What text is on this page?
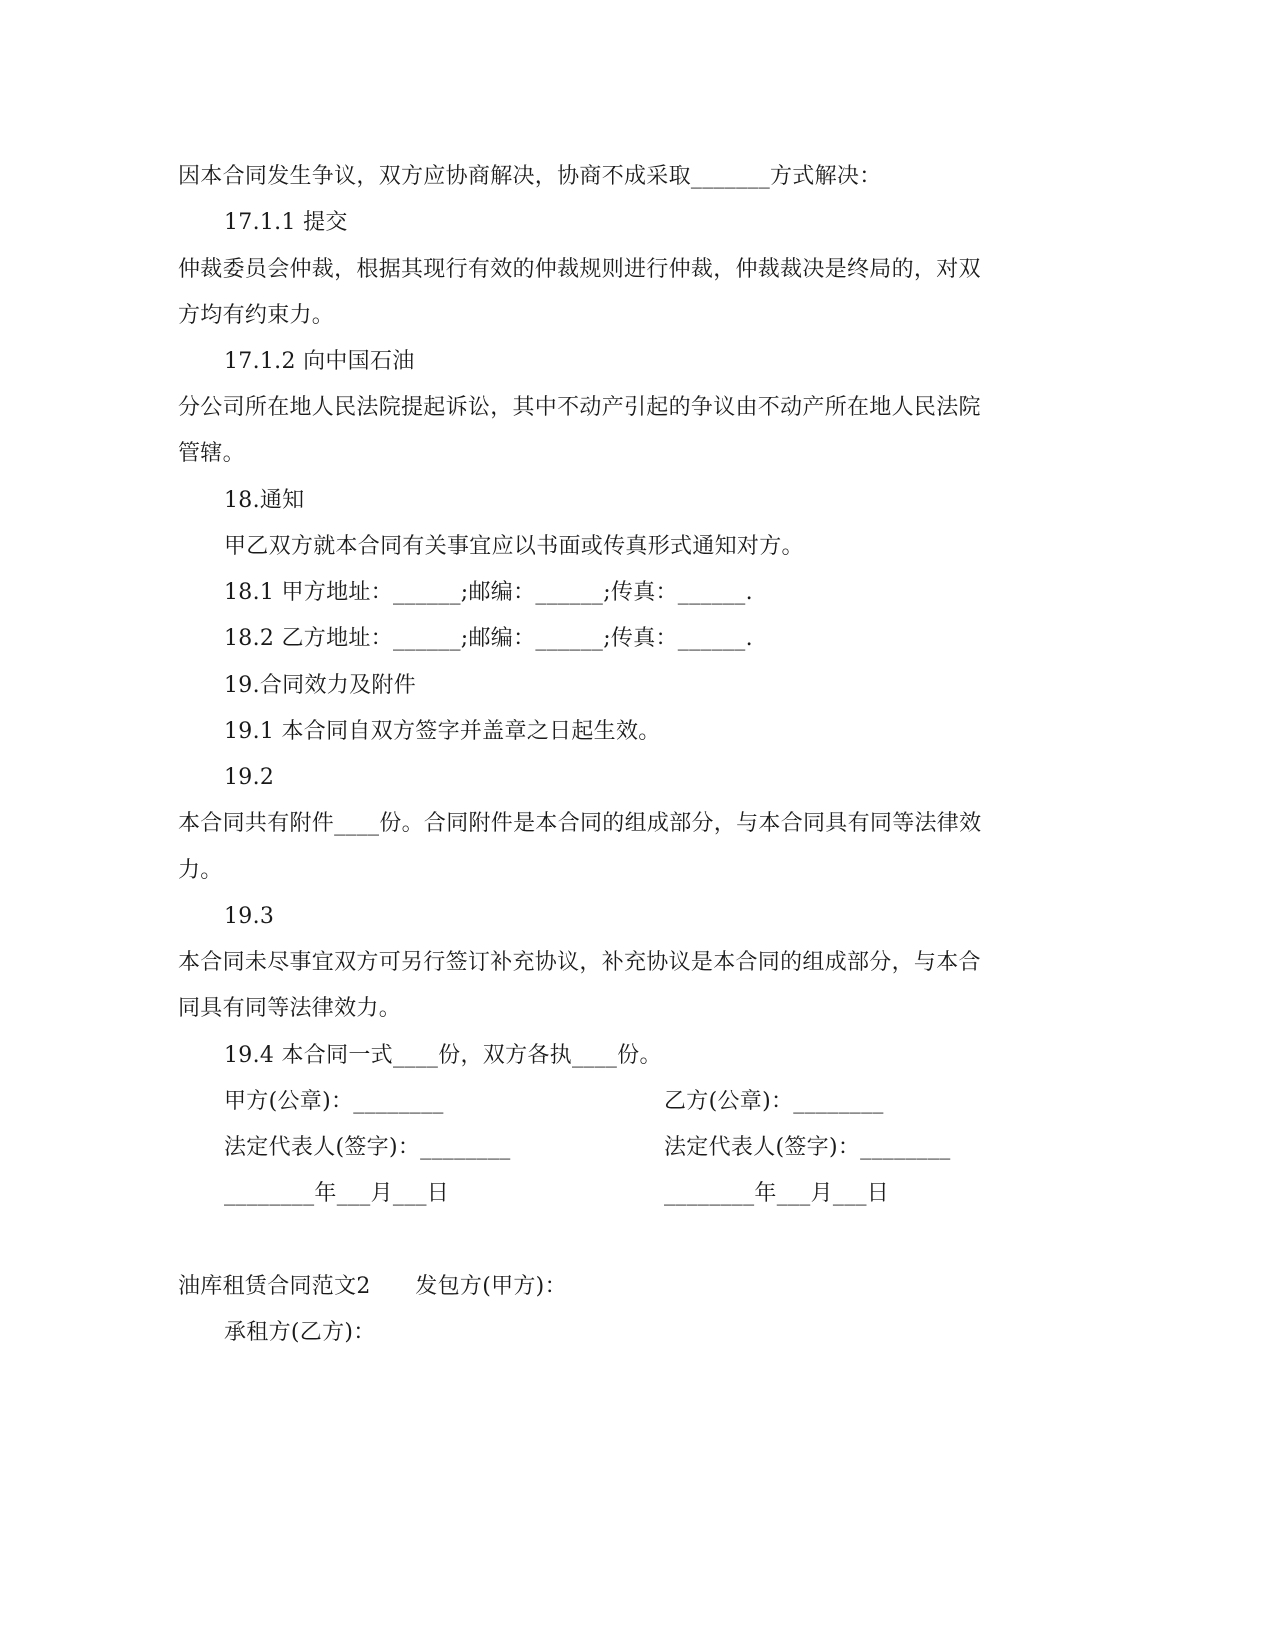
因本合同发生争议，双方应协商解决，协商不成采取_______方式解决：
17.1.1 提交
仲裁委员会仲裁，根据其现行有效的仲裁规则进行仲裁，仲裁裁决是终局的，对双
方均有约束力。
17.1.2 向中国石油
分公司所在地人民法院提起诉讼，其中不动产引起的争议由不动产所在地人民法院
管辖。
18.通知
甲乙双方就本合同有关事宜应以书面或传真形式通知对方。
18.1 甲方地址：______;邮编：______;传真：______.
18.2 乙方地址：______;邮编：______;传真：______.
19.合同效力及附件
19.1 本合同自双方签字并盖章之日起生效。
19.2
本合同共有附件____份。合同附件是本合同的组成部分，与本合同具有同等法律效
力。
19.3
本合同未尽事宜双方可另行签订补充协议，补充协议是本合同的组成部分，与本合
同具有同等法律效力。
19.4 本合同一式____份，双方各执____份。
甲方(公章)：________	乙方(公章)：________
法定代表人(签字)：________	法定代表人(签字)：________
________年___月___日	________年___月___日
油库租赁合同范文2　　发包方(甲方)：
承租方(乙方)：
